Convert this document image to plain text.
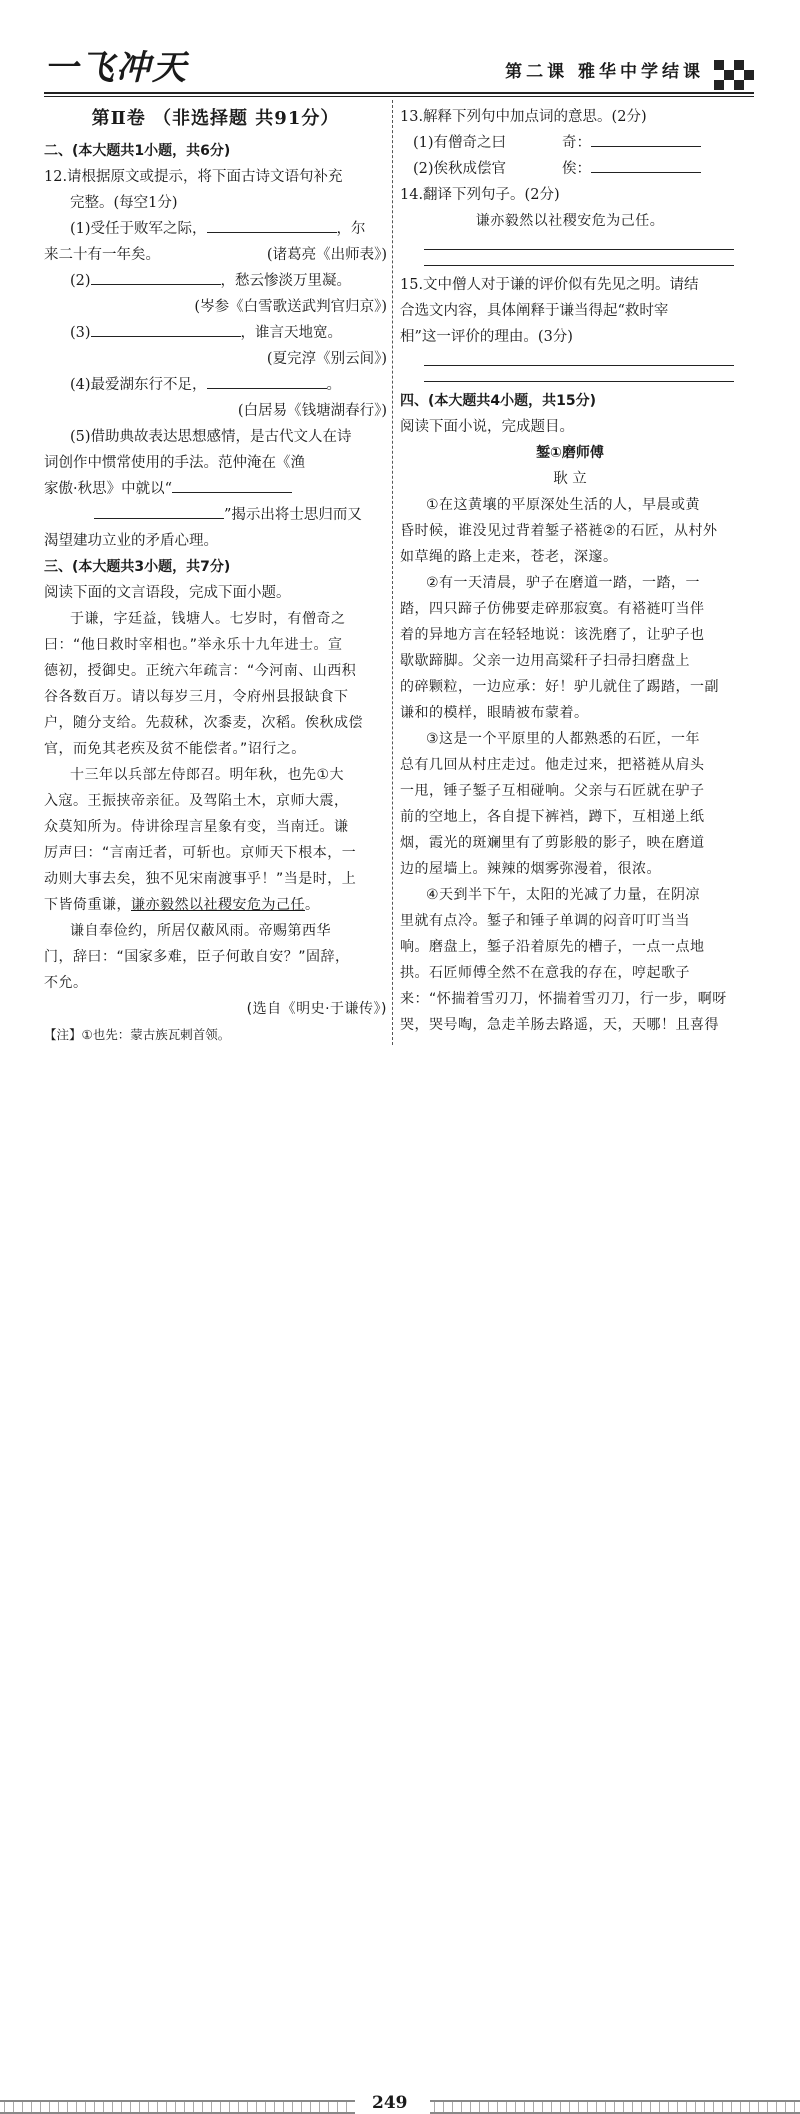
一飞冲天	第二课 雅华中学结课
第Ⅱ卷 （非选择题 共91分）

二、(本大题共1小题，共6分)

12.请根据原文或提示，将下面古诗文语句补充

完整。(每空1分)

(1)受任于败军之际，	，尔

来二十有一年矣。	(诸葛亮《出师表》)

(2)	，愁云惨淡万里凝。

(岑参《白雪歌送武判官归京》)

(3)	，谁言天地宽。

(夏完淳《别云间》)

(4)最爱湖东行不足，	。

(白居易《钱塘湖春行》)

(5)借助典故表达思想感情，是古代文人在诗

词创作中惯常使用的手法。范仲淹在《渔

家傲·秋思》中就以“

”揭示出将士思归而又

渴望建功立业的矛盾心理。

三、(本大题共3小题，共7分)

阅读下面的文言语段，完成下面小题。

于谦，字廷益，钱塘人。七岁时，有僧奇之

曰：“他日救时宰相也。”举永乐十九年进士。宣

德初，授御史。正统六年疏言：“今河南、山西积

谷各数百万。请以每岁三月，令府州县报缺食下

户，随分支给。先菽秫，次黍麦，次稻。俟秋成偿

官，而免其老疾及贫不能偿者。”诏行之。

十三年以兵部左侍郎召。明年秋，也先①大

入寇。王振挟帝亲征。及驾陷土木，京师大震，

众莫知所为。侍讲徐珵言星象有变，当南迁。谦

厉声曰：“言南迁者，可斩也。京师天下根本，一

动则大事去矣，独不见宋南渡事乎！”当是时，上

下皆倚重谦，谦亦毅然以社稷安危为己任。

谦自奉俭约，所居仅蔽风雨。帝赐第西华

门，辞曰：“国家多难，臣子何敢自安？”固辞，

不允。

(选自《明史·于谦传》)

【注】①也先：蒙古族瓦剌首领。

13.解释下列句中加点词的意思。(2分)

(1)有僧奇之曰	奇：

(2)俟秋成偿官	俟：

14.翻译下列句子。(2分)

谦亦毅然以社稷安危为己任。

15.文中僧人对于谦的评价似有先见之明。请结

合选文内容，具体阐释于谦当得起“救时宰

相”这一评价的理由。(3分)

四、(本大题共4小题，共15分)

阅读下面小说，完成题目。

錾①磨师傅

耿 立

①在这黄壤的平原深处生活的人，早晨或黄

昏时候，谁没见过背着錾子褡裢②的石匠，从村外

如草绳的路上走来，苍老，深邃。

②有一天清晨，驴子在磨道一踏，一踏，一

踏，四只蹄子仿佛要走碎那寂寞。有褡裢叮当伴

着的异地方言在轻轻地说：该洗磨了，让驴子也

歇歇蹄脚。父亲一边用高粱秆子扫帚扫磨盘上

的碎颗粒，一边应承：好！驴儿就住了踢踏，一副

谦和的模样，眼睛被布蒙着。

③这是一个平原里的人都熟悉的石匠，一年

总有几回从村庄走过。他走过来，把褡裢从肩头

一甩，锤子錾子互相碰响。父亲与石匠就在驴子

前的空地上，各自提下裤裆，蹲下，互相递上纸

烟，霞光的斑斓里有了剪影般的影子，映在磨道

边的屋墙上。辣辣的烟雾弥漫着，很浓。

④天到半下午，太阳的光减了力量，在阴凉

里就有点冷。錾子和锤子单调的闷音叮叮当当

响。磨盘上，錾子沿着原先的槽子，一点一点地

拱。石匠师傅全然不在意我的存在，哼起歌子

来：“怀揣着雪刃刀，怀揣着雪刃刀，行一步，啊呀

哭，哭号啕，急走羊肠去路遥，天，天哪！且喜得

249
